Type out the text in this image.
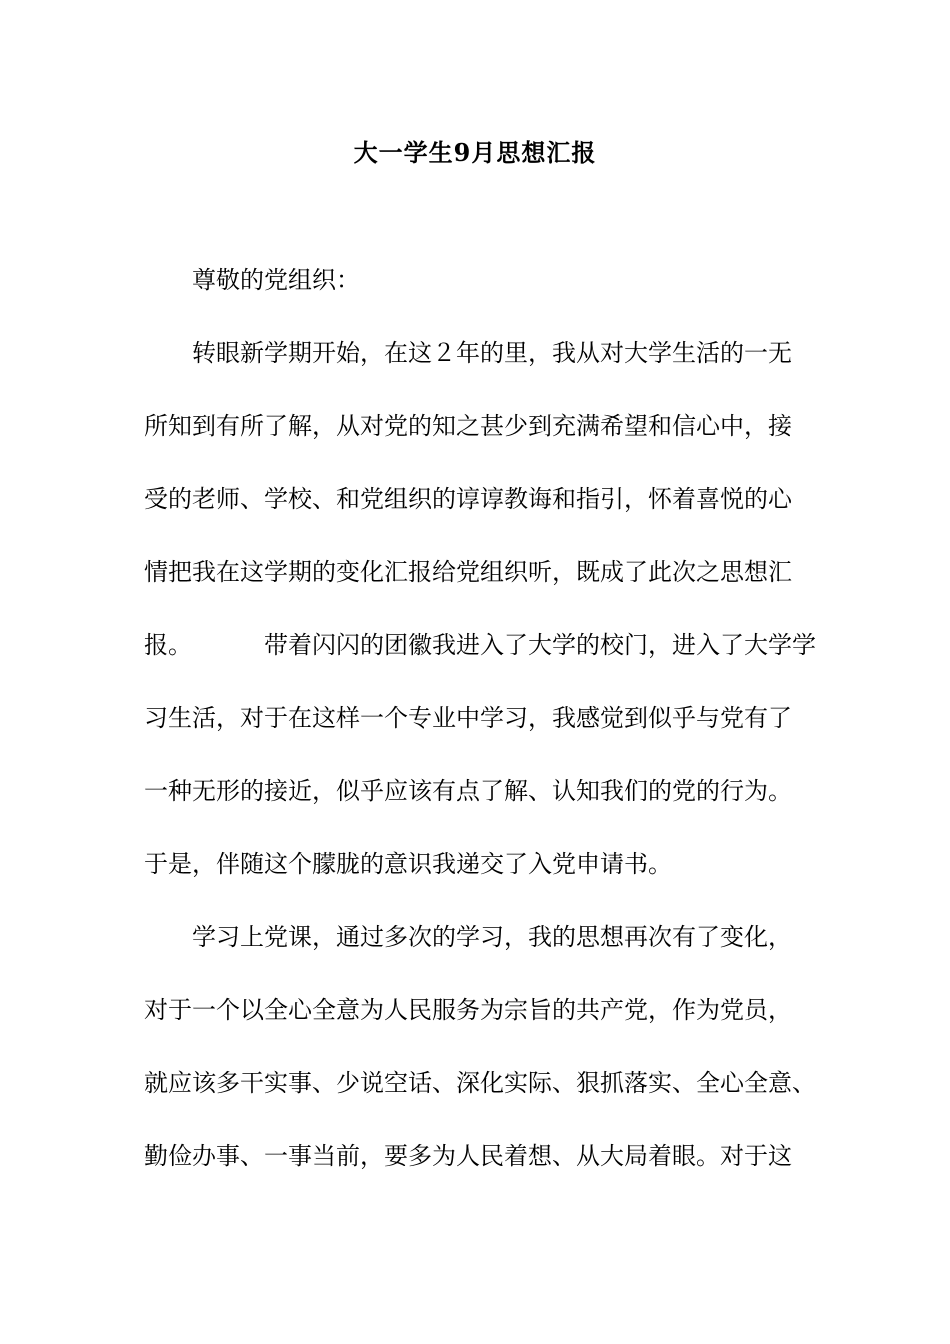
大一学生9月思想汇报
尊敬的党组织：
转眼新学期开始，在这２年的里，我从对大学生活的一无
所知到有所了解，从对党的知之甚少到充满希望和信心中，接
受的老师、学校、和党组织的谆谆教诲和指引，怀着喜悦的心
情把我在这学期的变化汇报给党组织听，既成了此次之思想汇
报。	带着闪闪的团徽我进入了大学的校门，进入了大学学
习生活，对于在这样一个专业中学习，我感觉到似乎与党有了
一种无形的接近，似乎应该有点了解、认知我们的党的行为。
于是，伴随这个朦胧的意识我递交了入党申请书。
学习上党课，通过多次的学习，我的思想再次有了变化，
对于一个以全心全意为人民服务为宗旨的共产党，作为党员，
就应该多干实事、少说空话、深化实际、狠抓落实、全心全意、
勤俭办事、一事当前，要多为人民着想、从大局着眼。对于这
